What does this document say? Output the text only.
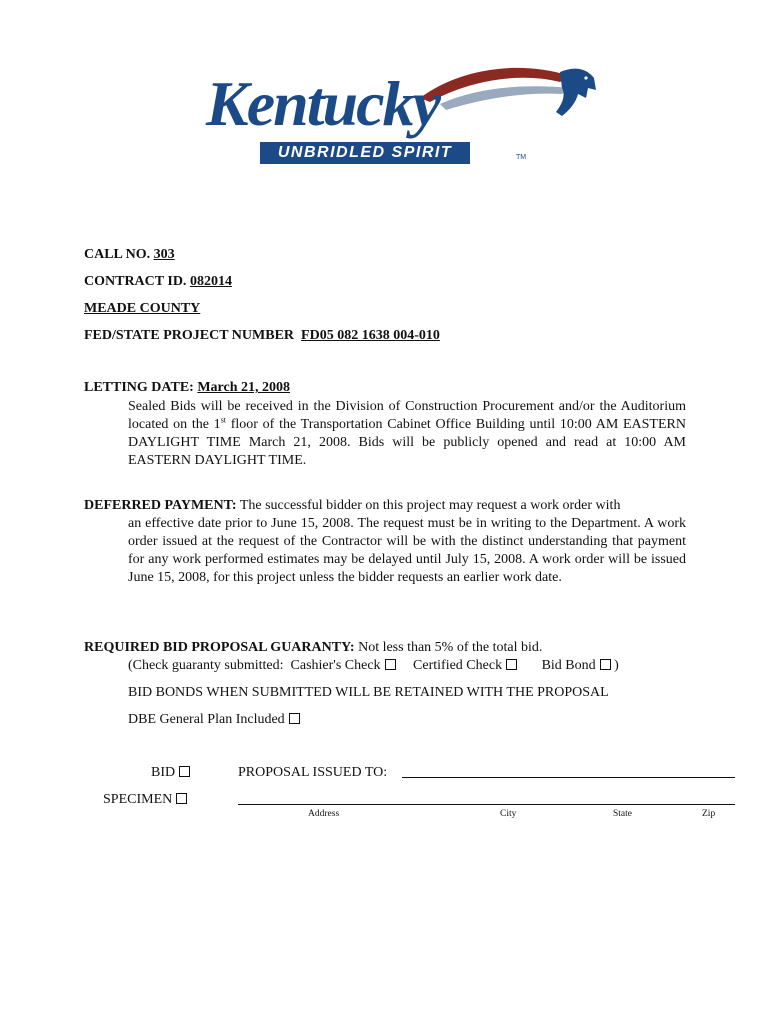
Kentucky
UNBRIDLED SPIRIT	TM
CALL NO. 303
CONTRACT ID. 082014
MEADE COUNTY
FED/STATE PROJECT NUMBER FD05 082 1638 004-010
LETTING DATE: March 21, 2008
Sealed Bids will be received in the Division of Construction Procurement and/or the Auditorium located on the 1st floor of the Transportation Cabinet Office Building until 10:00 AM EASTERN DAYLIGHT TIME March 21, 2008. Bids will be publicly opened and read at 10:00 AM EASTERN DAYLIGHT TIME.
DEFERRED PAYMENT: The successful bidder on this project may request a work order with
an effective date prior to June 15, 2008. The request must be in writing to the Department. A work order issued at the request of the Contractor will be with the distinct understanding that payment for any work performed estimates may be delayed until July 15, 2008. A work order will be issued June 15, 2008, for this project unless the bidder requests an earlier work date.
REQUIRED BID PROPOSAL GUARANTY: Not less than 5% of the total bid.
(Check guaranty submitted: Cashier's Check Certified Check	Bid Bond )
BID BONDS WHEN SUBMITTED WILL BE RETAINED WITH THE PROPOSAL
DBE General Plan Included
BID
SPECIMEN
PROPOSAL ISSUED TO:
Address	City	State	Zip
